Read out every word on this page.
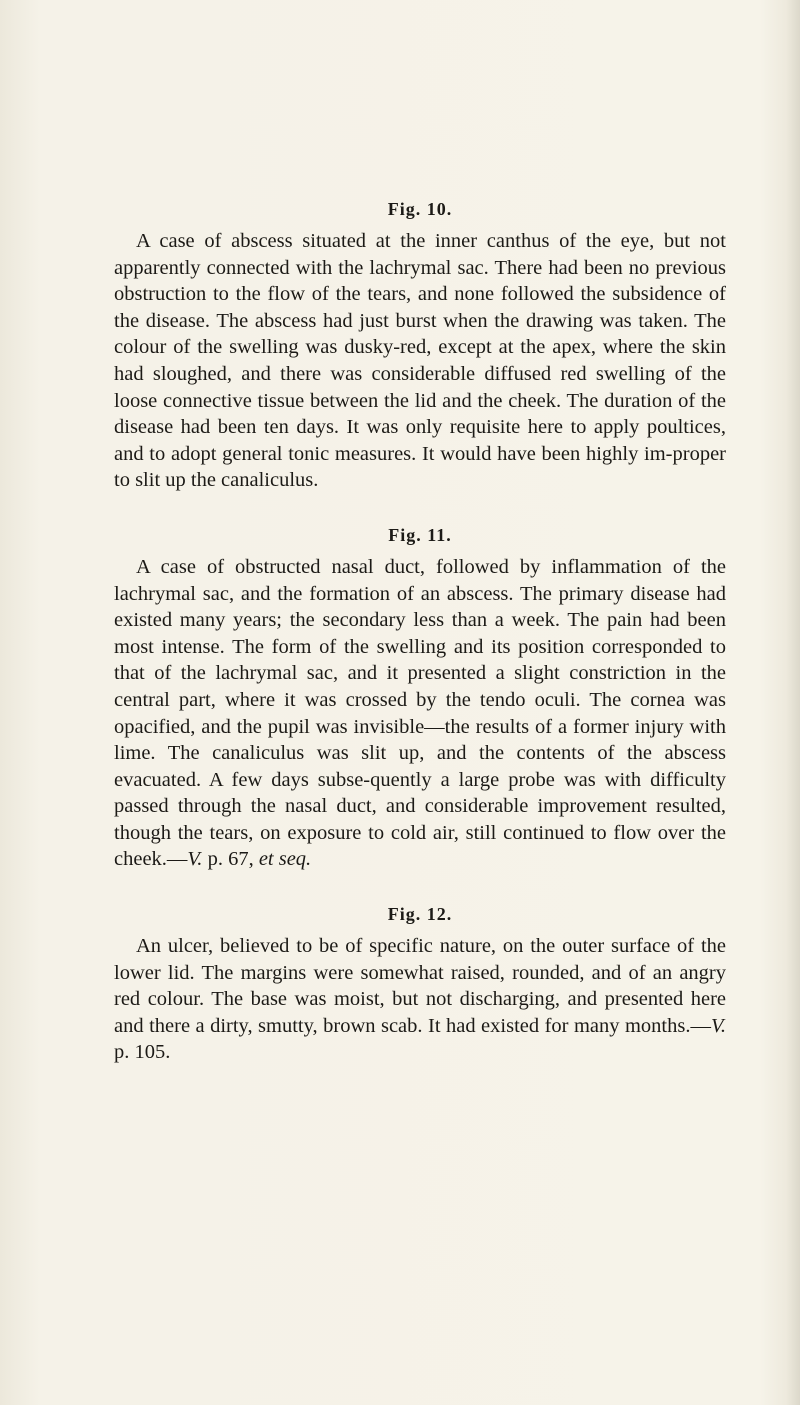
Fig. 10.

A case of abscess situated at the inner canthus of the eye, but not apparently connected with the lachrymal sac. There had been no previous obstruction to the flow of the tears, and none followed the subsidence of the disease. The abscess had just burst when the drawing was taken. The colour of the swelling was dusky-red, except at the apex, where the skin had sloughed, and there was considerable diffused red swelling of the loose connective tissue between the lid and the cheek. The duration of the disease had been ten days. It was only requisite here to apply poultices, and to adopt general tonic measures. It would have been highly im-proper to slit up the canaliculus.

Fig. 11.

A case of obstructed nasal duct, followed by inflammation of the lachrymal sac, and the formation of an abscess. The primary disease had existed many years; the secondary less than a week. The pain had been most intense. The form of the swelling and its position corresponded to that of the lachrymal sac, and it presented a slight constriction in the central part, where it was crossed by the tendo oculi. The cornea was opacified, and the pupil was invisible—the results of a former injury with lime. The canaliculus was slit up, and the contents of the abscess evacuated. A few days subse-quently a large probe was with difficulty passed through the nasal duct, and considerable improvement resulted, though the tears, on exposure to cold air, still continued to flow over the cheek.—V. p. 67, et seq.

Fig. 12.

An ulcer, believed to be of specific nature, on the outer surface of the lower lid. The margins were somewhat raised, rounded, and of an angry red colour. The base was moist, but not discharging, and presented here and there a dirty, smutty, brown scab. It had existed for many months.—V. p. 105.
